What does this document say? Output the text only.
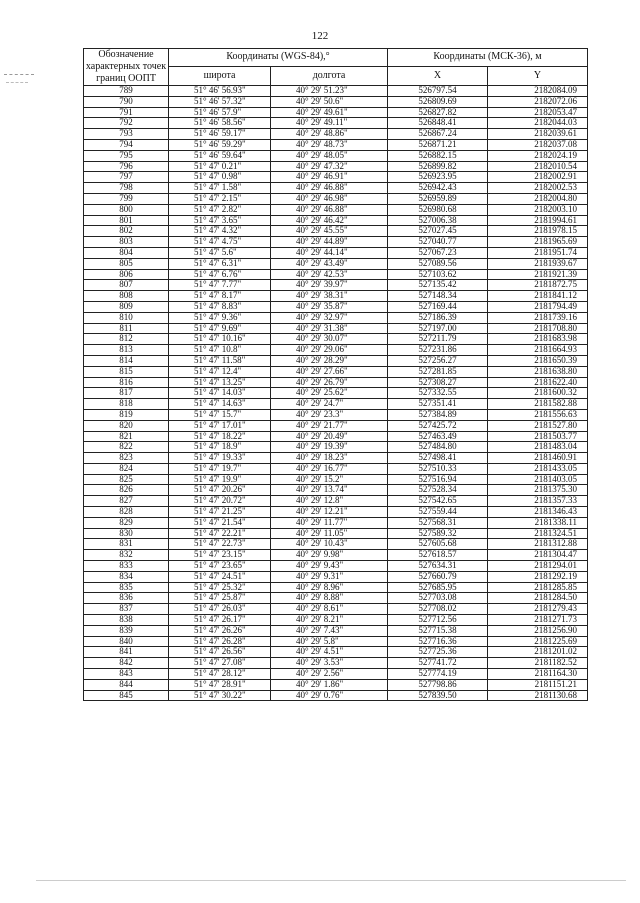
122
Обозначение характерных точек границ ООПТ	Координаты (WGS-84),°		Координаты (МСК-36), м	
	широта	долгота	X	Y
789	51° 46' 56.93"	40° 29' 51.23"	526797.54	2182084.09
790	51° 46' 57.32"	40° 29' 50.6"	526809.69	2182072.06
791	51° 46' 57.9"	40° 29' 49.61"	526827.82	2182053.47
792	51° 46' 58.56"	40° 29' 49.11"	526848.41	2182044.03
793	51° 46' 59.17"	40° 29' 48.86"	526867.24	2182039.61
794	51° 46' 59.29"	40° 29' 48.73"	526871.21	2182037.08
795	51° 46' 59.64"	40° 29' 48.05"	526882.15	2182024.19
796	51° 47' 0.21"	40° 29' 47.32"	526899.82	2182010.54
797	51° 47' 0.98"	40° 29' 46.91"	526923.95	2182002.91
798	51° 47' 1.58"	40° 29' 46.88"	526942.43	2182002.53
799	51° 47' 2.15"	40° 29' 46.98"	526959.89	2182004.80
800	51° 47' 2.82"	40° 29' 46.88"	526980.68	2182003.10
801	51° 47' 3.65"	40° 29' 46.42"	527006.38	2181994.61
802	51° 47' 4.32"	40° 29' 45.55"	527027.45	2181978.15
803	51° 47' 4.75"	40° 29' 44.89"	527040.77	2181965.69
804	51° 47' 5.6"	40° 29' 44.14"	527067.23	2181951.74
805	51° 47' 6.31"	40° 29' 43.49"	527089.56	2181939.67
806	51° 47' 6.76"	40° 29' 42.53"	527103.62	2181921.39
807	51° 47' 7.77"	40° 29' 39.97"	527135.42	2181872.75
808	51° 47' 8.17"	40° 29' 38.31"	527148.34	2181841.12
809	51° 47' 8.83"	40° 29' 35.87"	527169.44	2181794.49
810	51° 47' 9.36"	40° 29' 32.97"	527186.39	2181739.16
811	51° 47' 9.69"	40° 29' 31.38"	527197.00	2181708.80
812	51° 47' 10.16"	40° 29' 30.07"	527211.79	2181683.98
813	51° 47' 10.8"	40° 29' 29.06"	527231.86	2181664.93
814	51° 47' 11.58"	40° 29' 28.29"	527256.27	2181650.39
815	51° 47' 12.4"	40° 29' 27.66"	527281.85	2181638.80
816	51° 47' 13.25"	40° 29' 26.79"	527308.27	2181622.40
817	51° 47' 14.03"	40° 29' 25.62"	527332.55	2181600.32
818	51° 47' 14.63"	40° 29' 24.7"	527351.41	2181582.88
819	51° 47' 15.7"	40° 29' 23.3"	527384.89	2181556.63
820	51° 47' 17.01"	40° 29' 21.77"	527425.72	2181527.80
821	51° 47' 18.22"	40° 29' 20.49"	527463.49	2181503.77
822	51° 47' 18.9"	40° 29' 19.39"	527484.80	2181483.04
823	51° 47' 19.33"	40° 29' 18.23"	527498.41	2181460.91
824	51° 47' 19.7"	40° 29' 16.77"	527510.33	2181433.05
825	51° 47' 19.9"	40° 29' 15.2"	527516.94	2181403.05
826	51° 47' 20.26"	40° 29' 13.74"	527528.34	2181375.30
827	51° 47' 20.72"	40° 29' 12.8"	527542.65	2181357.33
828	51° 47' 21.25"	40° 29' 12.21"	527559.44	2181346.43
829	51° 47' 21.54"	40° 29' 11.77"	527568.31	2181338.11
830	51° 47' 22.21"	40° 29' 11.05"	527589.32	2181324.51
831	51° 47' 22.73"	40° 29' 10.43"	527605.68	2181312.88
832	51° 47' 23.15"	40° 29' 9.98"	527618.57	2181304.47
833	51° 47' 23.65"	40° 29' 9.43"	527634.31	2181294.01
834	51° 47' 24.51"	40° 29' 9.31"	527660.79	2181292.19
835	51° 47' 25.32"	40° 29' 8.96"	527685.95	2181285.85
836	51° 47' 25.87"	40° 29' 8.88"	527703.08	2181284.50
837	51° 47' 26.03"	40° 29' 8.61"	527708.02	2181279.43
838	51° 47' 26.17"	40° 29' 8.21"	527712.56	2181271.73
839	51° 47' 26.26"	40° 29' 7.43"	527715.38	2181256.90
840	51° 47' 26.28"	40° 29' 5.8"	527716.36	2181225.69
841	51° 47' 26.56"	40° 29' 4.51"	527725.36	2181201.02
842	51° 47' 27.08"	40° 29' 3.53"	527741.72	2181182.52
843	51° 47' 28.12"	40° 29' 2.56"	527774.19	2181164.30
844	51° 47' 28.91"	40° 29' 1.86"	527798.86	2181151.21
845	51° 47' 30.22"	40° 29' 0.76"	527839.50	2181130.68
